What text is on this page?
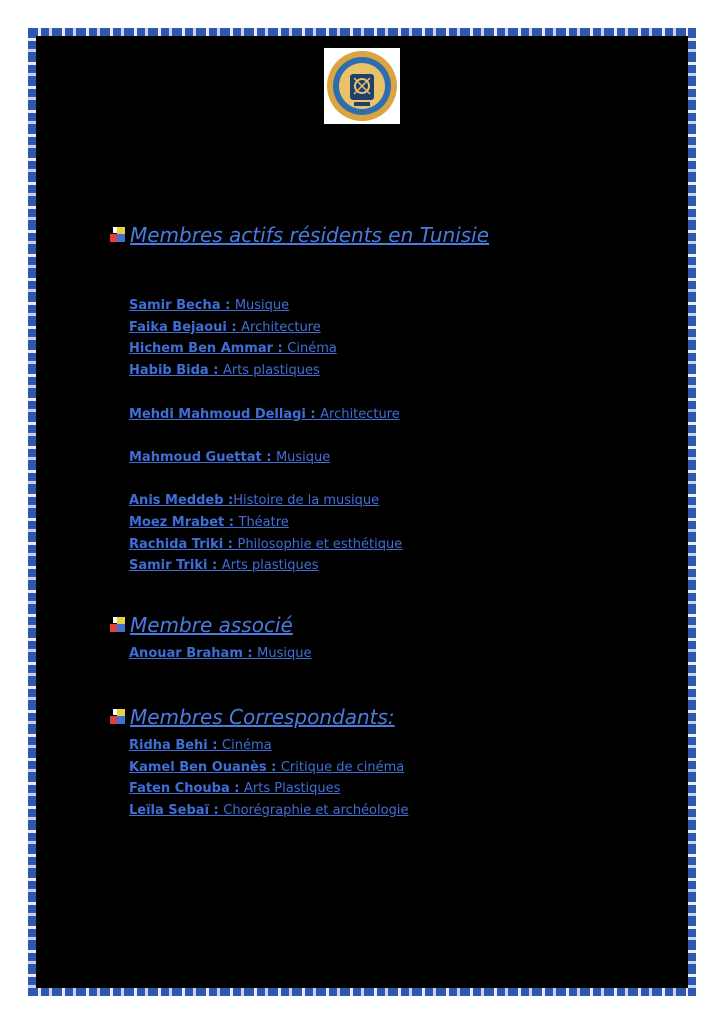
Membres actifs résidents en Tunisie
Samir Becha : Musique
Faika Bejaoui : Architecture
Hichem Ben Ammar : Cinéma
Habib Bida : Arts plastiques
Mehdi Mahmoud Dellagi : Architecture
Mahmoud Guettat : Musique
Anis Meddeb :Histoire de la musique
Moez Mrabet : Théatre
Rachida Triki : Philosophie et esthétique
Samir Triki : Arts plastiques
Membre associé
Anouar Braham : Musique
Membres Correspondants:
Ridha Behi : Cinéma
Kamel Ben Ouanès : Critique de cinéma
Faten Chouba : Arts Plastiques
Leïla Sebaï : Chorégraphie et archéologie
